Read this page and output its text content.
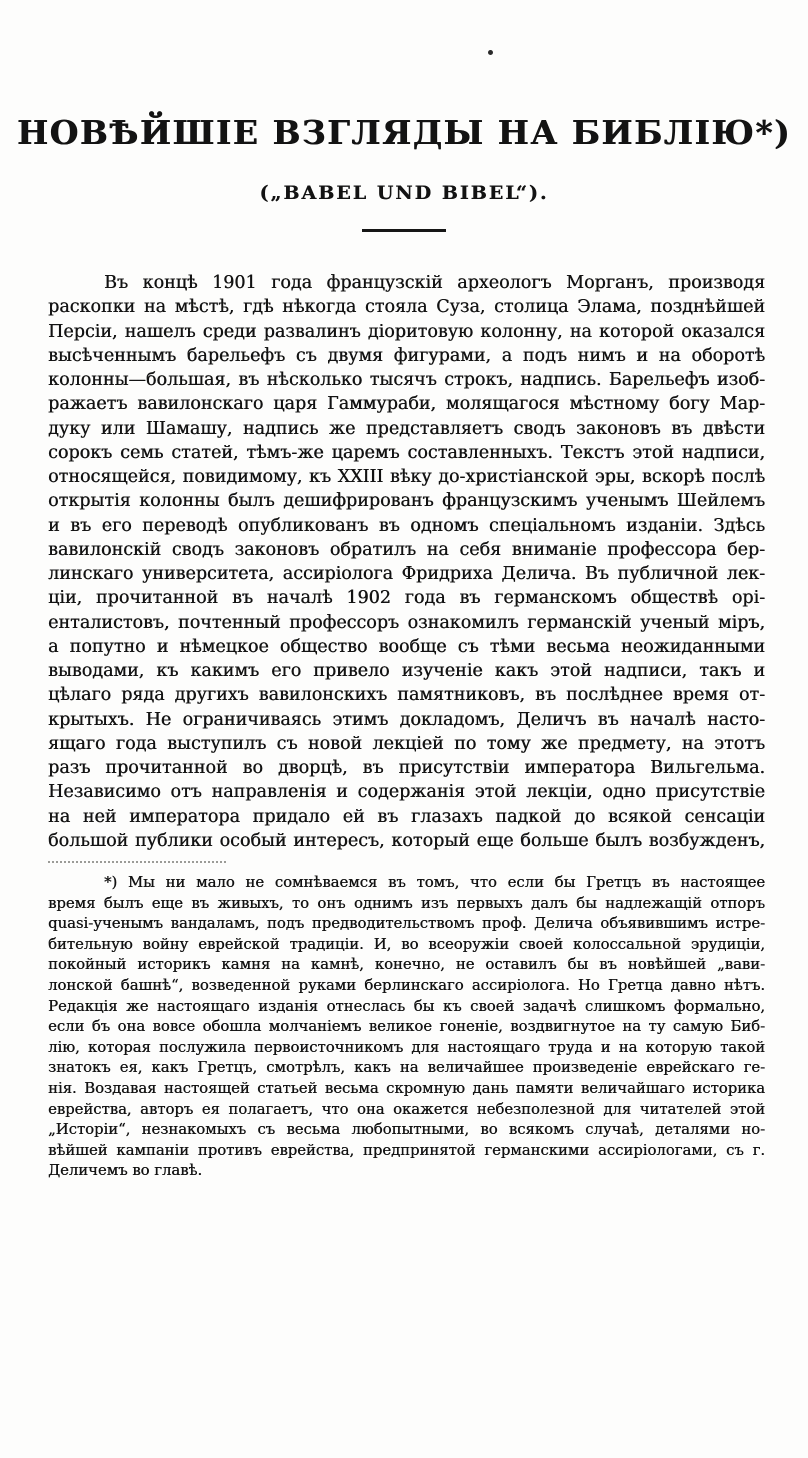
НОВѢЙШІЕ ВЗГЛЯДЫ НА БИБЛІЮ*)
(„BABEL UND BIBEL“).
Въ концѣ 1901 года французскій археологъ Морганъ, производя
раскопки на мѣстѣ, гдѣ нѣкогда стояла Суза, столица Элама, позднѣйшей
Персіи, нашелъ среди развалинъ діоритовую колонну, на которой оказался
высѣченнымъ барельефъ съ двумя фигурами, а подъ нимъ и на оборотѣ
колонны—большая, въ нѣсколько тысячъ строкъ, надпись. Барельефъ изоб-
ражаетъ вавилонскаго царя Гаммураби, молящагося мѣстному богу Мар-
дуку или Шамашу, надпись же представляетъ сводъ законовъ въ двѣсти
сорокъ семь статей, тѣмъ-же царемъ составленныхъ. Текстъ этой надписи,
относящейся, повидимому, къ XXIII вѣку до-христіанской эры, вскорѣ послѣ
открытія колонны былъ дешифрированъ французскимъ ученымъ Шейлемъ
и въ его переводѣ опубликованъ въ одномъ спеціальномъ изданіи. Здѣсь
вавилонскій сводъ законовъ обратилъ на себя вниманіе профессора бер-
линскаго университета, ассиріолога Фридриха Делича. Въ публичной лек-
ціи, прочитанной въ началѣ 1902 года въ германскомъ обществѣ орі-
енталистовъ, почтенный профессоръ ознакомилъ германскій ученый міръ,
а попутно и нѣмецкое общество вообще съ тѣми весьма неожиданными
выводами, къ какимъ его привело изученіе какъ этой надписи, такъ и
цѣлаго ряда другихъ вавилонскихъ памятниковъ, въ послѣднее время от-
крытыхъ. Не ограничиваясь этимъ докладомъ, Деличъ въ началѣ насто-
ящаго года выступилъ съ новой лекціей по тому же предмету, на этотъ
разъ прочитанной во дворцѣ, въ присутствіи императора Вильгельма.
Независимо отъ направленія и содержанія этой лекціи, одно присутствіе
на ней императора придало ей въ глазахъ падкой до всякой сенсаціи
большой публики особый интересъ, который еще больше былъ возбужденъ,
*) Мы ни мало не сомнѣваемся въ томъ, что если бы Гретцъ въ настоящее
время былъ еще въ живыхъ, то онъ однимъ изъ первыхъ далъ бы надлежащій отпоръ
quasi-ученымъ вандаламъ, подъ предводительствомъ проф. Делича объявившимъ истре-
бительную войну еврейской традиціи. И, во всеоружіи своей колоссальной эрудиціи,
покойный историкъ камня на камнѣ, конечно, не оставилъ бы въ новѣйшей „вави-
лонской башнѣ“, возведенной руками берлинскаго ассиріолога. Но Гретца давно нѣтъ.
Редакція же настоящаго изданія отнеслась бы къ своей задачѣ слишкомъ формально,
если бъ она вовсе обошла молчаніемъ великое гоненіе, воздвигнутое на ту самую Биб-
лію, которая послужила первоисточникомъ для настоящаго труда и на которую такой
знатокъ ея, какъ Гретцъ, смотрѣлъ, какъ на величайшее произведеніе еврейскаго ге-
нія. Воздавая настоящей статьей весьма скромную дань памяти величайшаго историка
еврейства, авторъ ея полагаетъ, что она окажется небезполезной для читателей этой
„Исторіи“, незнакомыхъ съ весьма любопытными, во всякомъ случаѣ, деталями но-
вѣйшей кампаніи противъ еврейства, предпринятой германскими ассиріологами, съ г.
Деличемъ во главѣ.
